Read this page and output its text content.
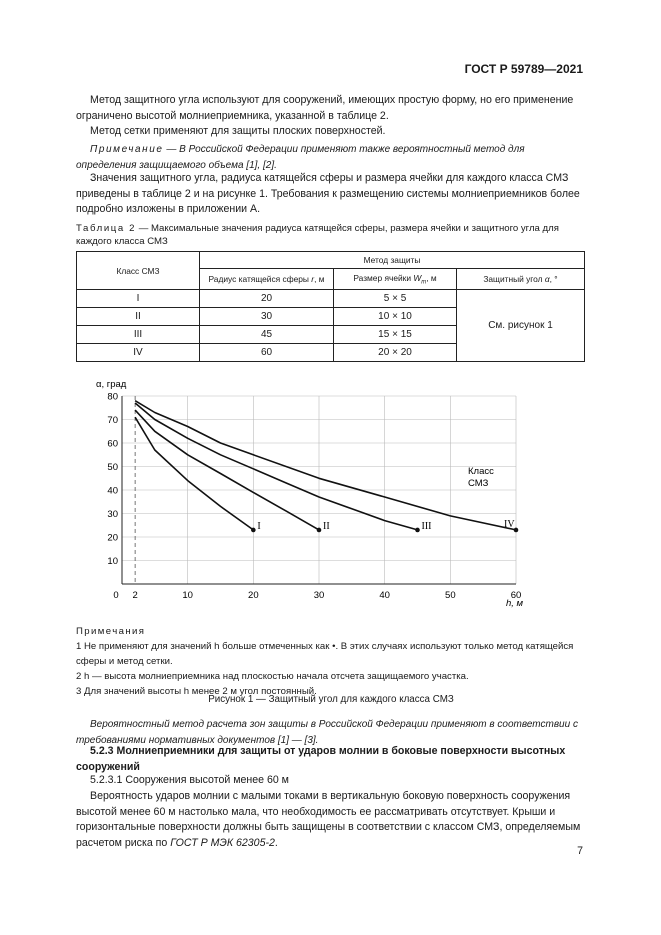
ГОСТ Р 59789—2021
Метод защитного угла используют для сооружений, имеющих простую форму, но его применение ограничено высотой молниеприемника, указанной в таблице 2.
Метод сетки применяют для защиты плоских поверхностей.
Примечание — В Российской Федерации применяют также вероятностный метод для определения защищаемого объема [1], [2].
Значения защитного угла, радиуса катящейся сферы и размера ячейки для каждого класса СМЗ приведены в таблице 2 и на рисунке 1. Требования к размещению системы молниеприемников более подробно изложены в приложении А.
Таблица 2 — Максимальные значения радиуса катящейся сферы, размера ячейки и защитного угла для каждого класса СМЗ
Класс СМЗ	Метод защиты		
	Радиус катящейся сферы r, м	Размер ячейки $W_m$, м	Защитный угол α, °
I	20	5 × 5	См. рисунок 1
II	30	10 × 10	
III	45	15 × 15	
IV	60	20 × 20	
10
20
30
40
50
60
70
80
0 2	10	20	30	40	50	60
I	II	III	IV
α, град
h, м
Класс СМЗ
Примечания
1 Не применяют для значений h больше отмеченных как •. В этих случаях используют только метод катящейся сферы и метод сетки.
2 h — высота молниеприемника над плоскостью начала отсчета защищаемого участка.
3 Для значений высоты h менее 2 м угол постоянный.
Рисунок 1 — Защитный угол для каждого класса СМЗ
Вероятностный метод расчета зон защиты в Российской Федерации применяют в соответствии с требованиями нормативных документов [1] — [3].
5.2.3 Молниеприемники для защиты от ударов молнии в боковые поверхности высотных сооружений
5.2.3.1 Сооружения высотой менее 60 м
Вероятность ударов молнии с малыми токами в вертикальную боковую поверхность сооружения высотой менее 60 м настолько мала, что необходимость ее рассматривать отсутствует. Крыши и горизонтальные поверхности должны быть защищены в соответствии с классом СМЗ, определяемым расчетом риска по ГОСТ Р МЭК 62305-2.
7
